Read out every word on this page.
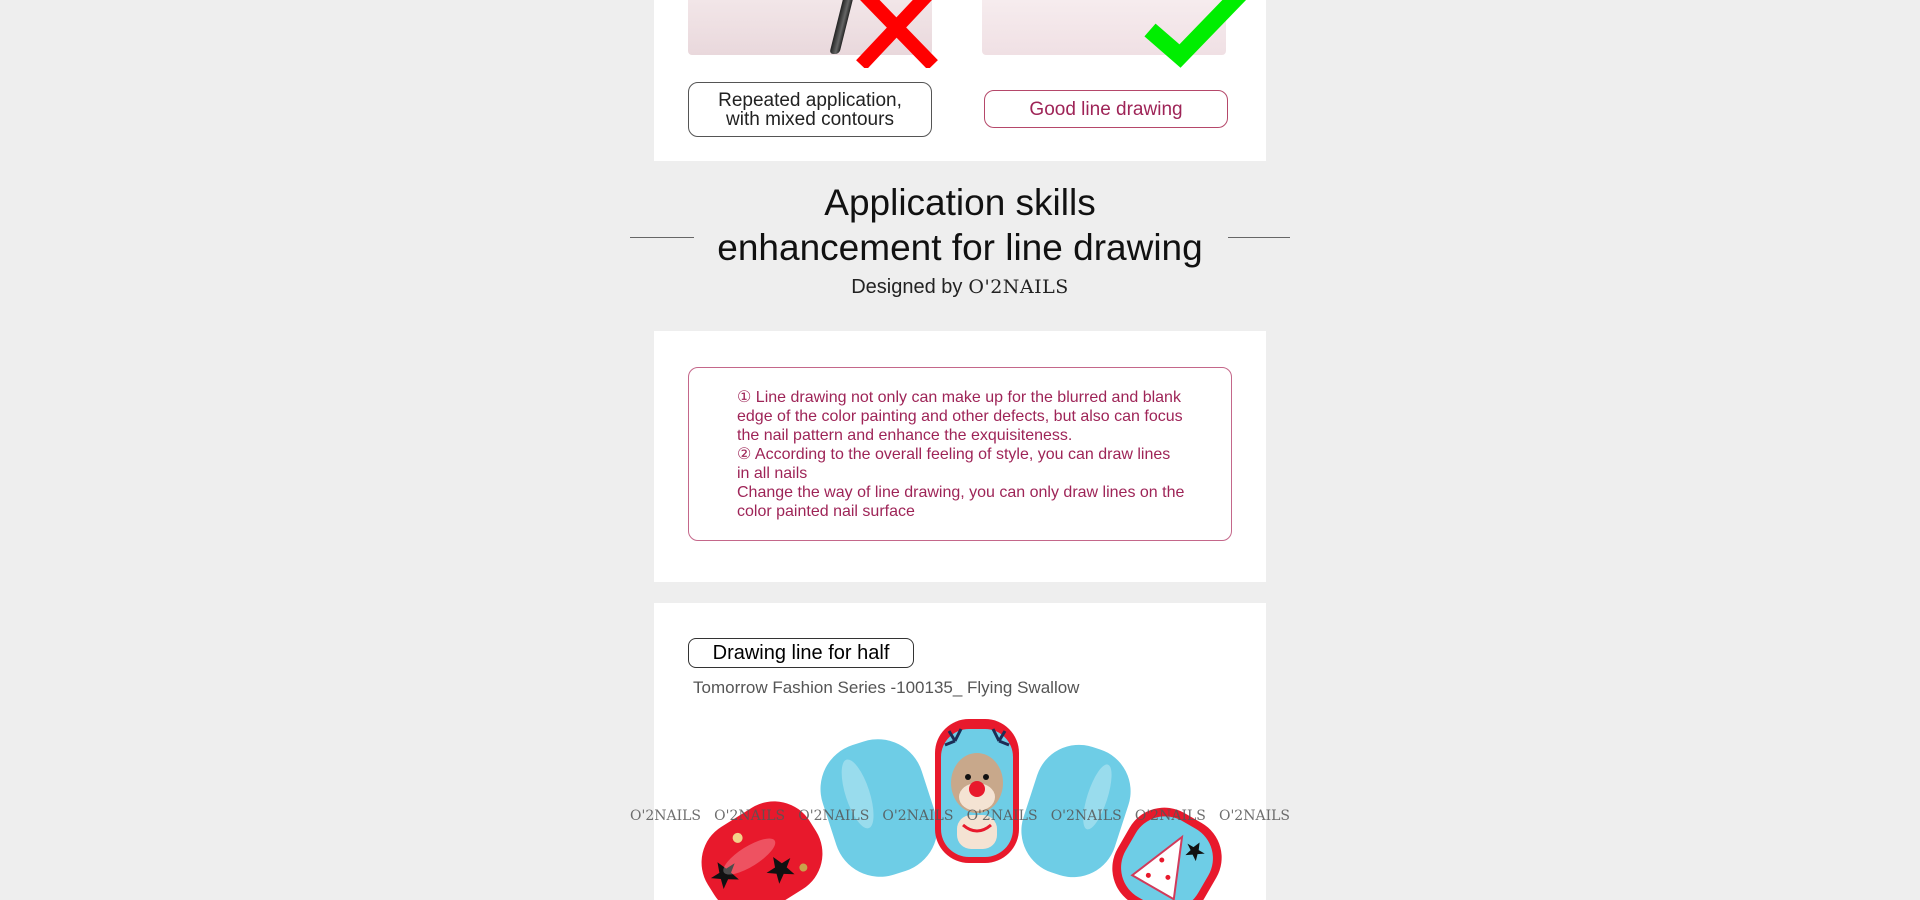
Repeated application,
with mixed contours	Good line drawing
Application skills
enhancement for line drawing
Designed by O'2NAILS

① Line drawing not only can make up for the blurred and blank edge of the color painting and other defects, but also can focus the nail pattern and enhance the exquisiteness.

② According to the overall feeling of style, you can draw lines in all nails

Change the way of line drawing, you can only draw lines on the color painted nail surface

Drawing line for half
Tomorrow Fashion Series -100135_ Flying Swallow
O'2NAILS O'2NAILS O'2NAILS O'2NAILS O'2NAILS O'2NAILS O'2NAILS O'2NAILS
